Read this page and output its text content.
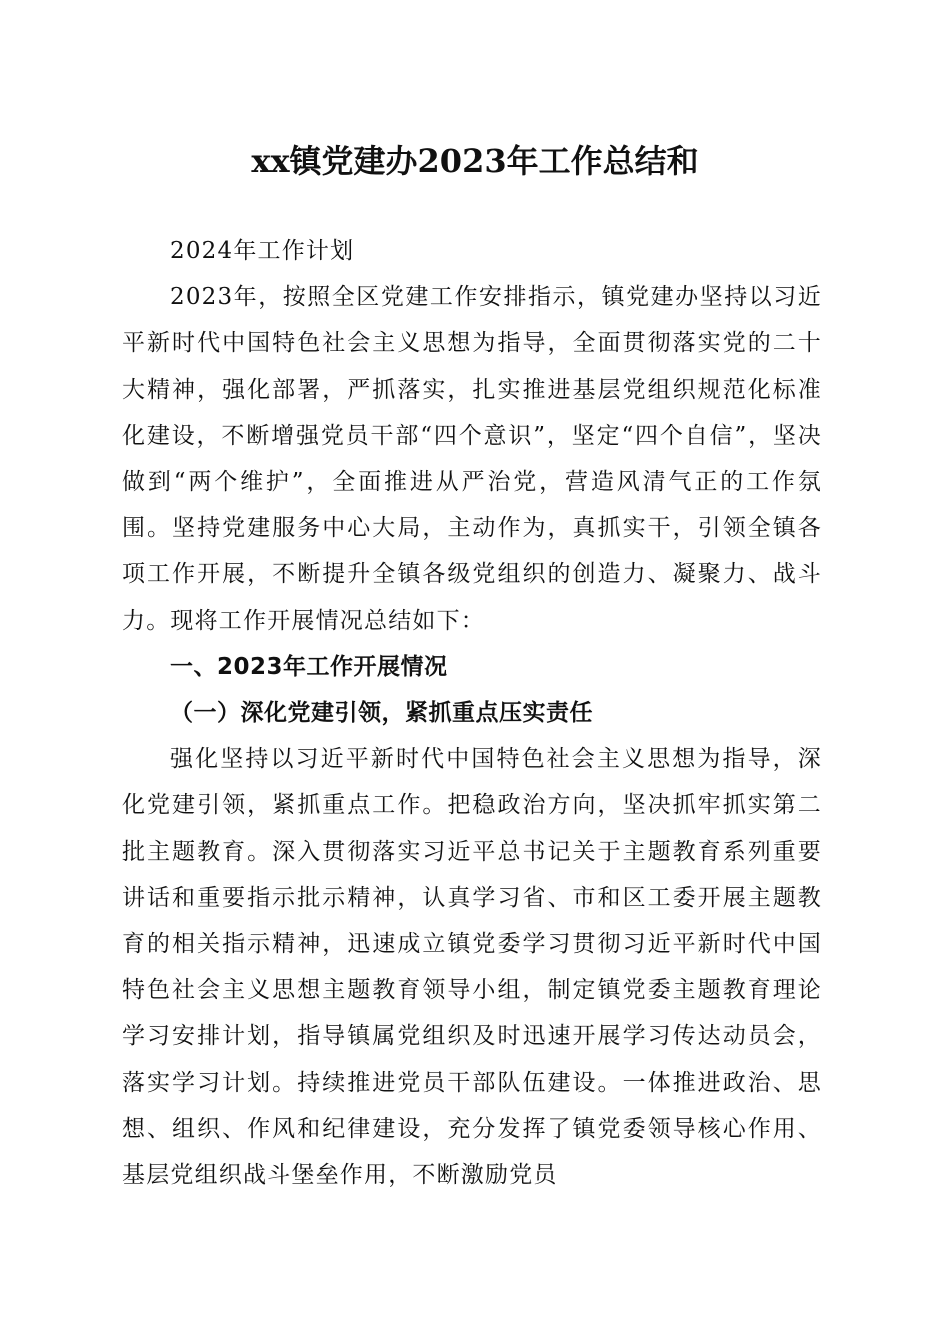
xx镇党建办2023年工作总结和

2024年工作计划

2023年，按照全区党建工作安排指示，镇党建办坚持以习近平新时代中国特色社会主义思想为指导，全面贯彻落实党的二十大精神，强化部署，严抓落实，扎实推进基层党组织规范化标准化建设，不断增强党员干部“四个意识”，坚定“四个自信”，坚决做到“两个维护”，全面推进从严治党，营造风清气正的工作氛围。坚持党建服务中心大局，主动作为，真抓实干，引领全镇各项工作开展，不断提升全镇各级党组织的创造力、凝聚力、战斗力。现将工作开展情况总结如下：

一、2023年工作开展情况

（一）深化党建引领，紧抓重点压实责任

强化坚持以习近平新时代中国特色社会主义思想为指导，深化党建引领，紧抓重点工作。把稳政治方向，坚决抓牢抓实第二批主题教育。深入贯彻落实习近平总书记关于主题教育系列重要讲话和重要指示批示精神，认真学习省、市和区工委开展主题教育的相关指示精神，迅速成立镇党委学习贯彻习近平新时代中国特色社会主义思想主题教育领导小组，制定镇党委主题教育理论学习安排计划，指导镇属党组织及时迅速开展学习传达动员会，落实学习计划。持续推进党员干部队伍建设。一体推进政治、思想、组织、作风和纪律建设，充分发挥了镇党委领导核心作用、基层党组织战斗堡垒作用，不断激励党员
